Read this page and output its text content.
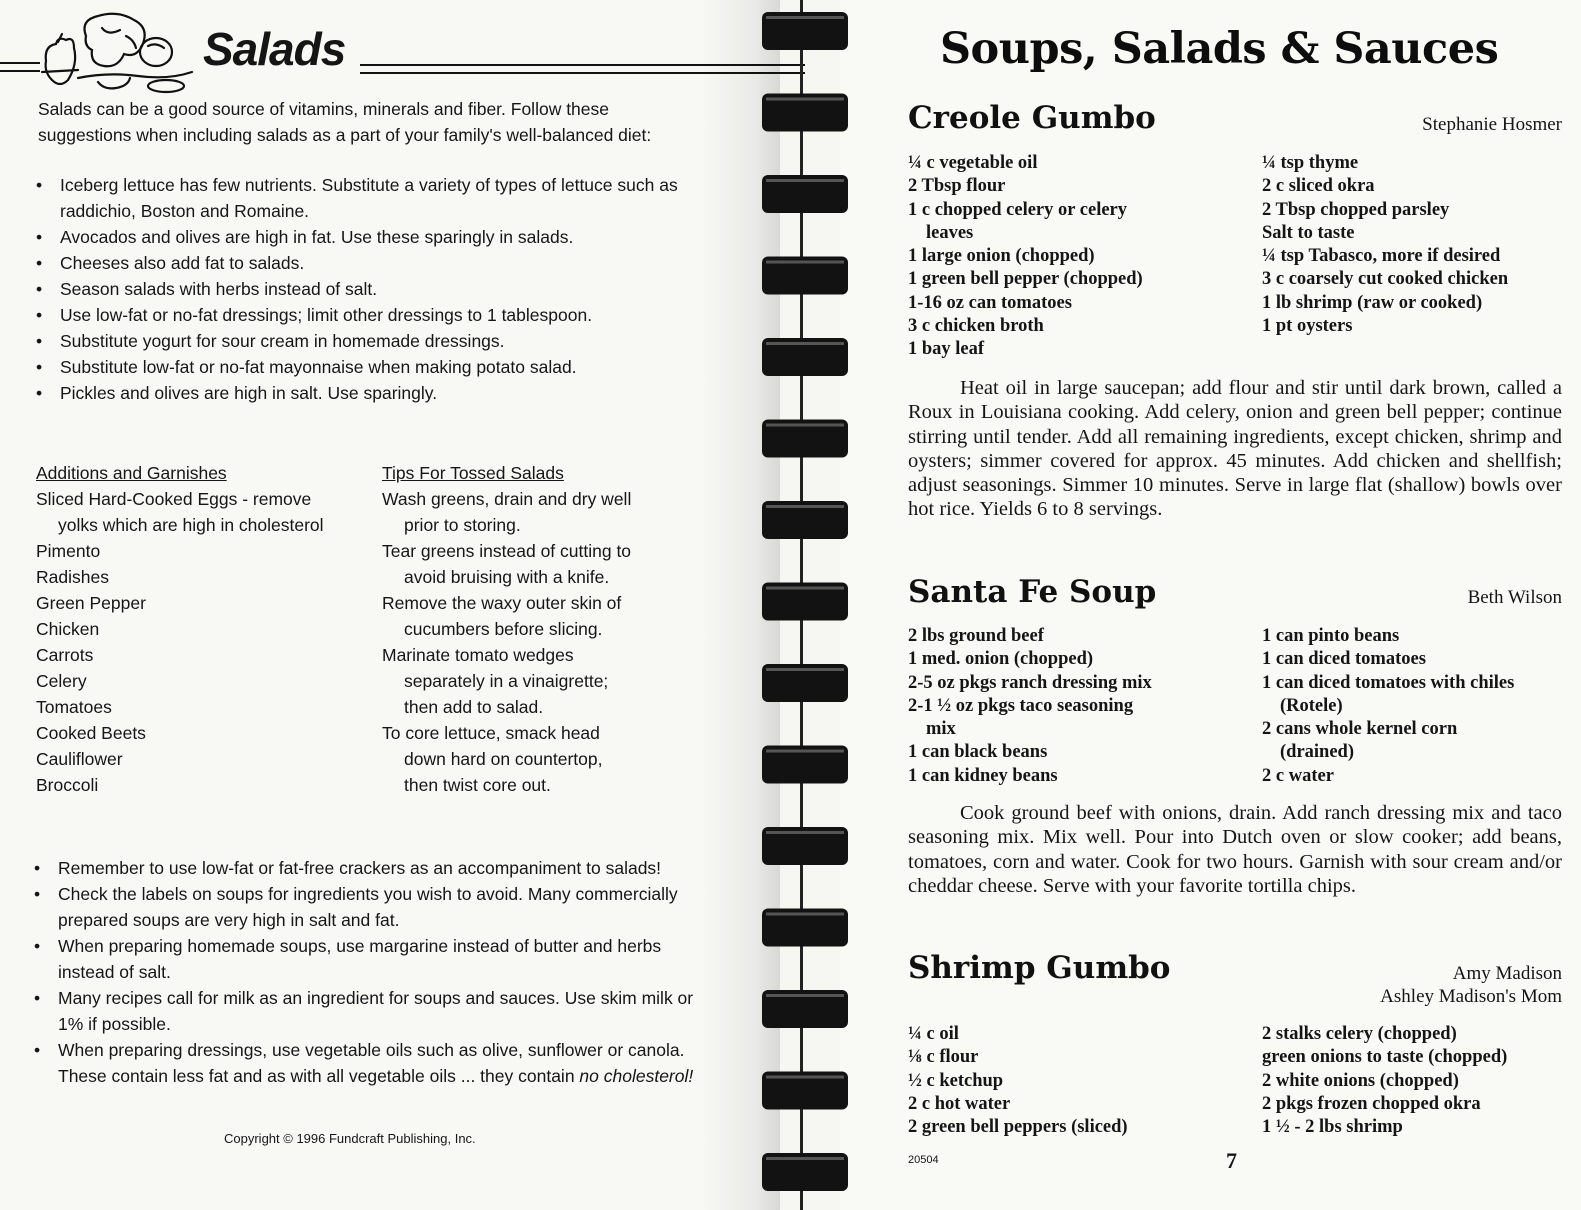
Salads
Salads can be a good source of vitamins, minerals and fiber. Follow these suggestions when including salads as a part of your family's well-balanced diet:
• Iceberg lettuce has few nutrients. Substitute a variety of types of lettuce such as raddichio, Boston and Romaine.
• Avocados and olives are high in fat. Use these sparingly in salads.
• Cheeses also add fat to salads.
• Season salads with herbs instead of salt.
• Use low-fat or no-fat dressings; limit other dressings to 1 tablespoon.
• Substitute yogurt for sour cream in homemade dressings.
• Substitute low-fat or no-fat mayonnaise when making potato salad.
• Pickles and olives are high in salt. Use sparingly.
Additions and Garnishes
Sliced Hard-Cooked Eggs - remove
yolks which are high in cholesterol
Pimento
Radishes
Green Pepper
Chicken
Carrots
Celery
Tomatoes
Cooked Beets
Cauliflower
Broccoli
Tips For Tossed Salads
Wash greens, drain and dry well
prior to storing.
Tear greens instead of cutting to
avoid bruising with a knife.
Remove the waxy outer skin of
cucumbers before slicing.
Marinate tomato wedges
separately in a vinaigrette;
then add to salad.
To core lettuce, smack head
down hard on countertop,
then twist core out.
• Remember to use low-fat or fat-free crackers as an accompaniment to salads!
• Check the labels on soups for ingredients you wish to avoid. Many commercially prepared soups are very high in salt and fat.
• When preparing homemade soups, use margarine instead of butter and herbs instead of salt.
• Many recipes call for milk as an ingredient for soups and sauces. Use skim milk or 1% if possible.
• When preparing dressings, use vegetable oils such as olive, sunflower or canola. These contain less fat and as with all vegetable oils ... they contain no cholesterol!
Copyright © 1996 Fundcraft Publishing, Inc.
Soups, Salads & Sauces
Creole Gumbo	Stephanie Hosmer
¼ c vegetable oil
2 Tbsp flour
1 c chopped celery or celery
leaves
1 large onion (chopped)
1 green bell pepper (chopped)
1-16 oz can tomatoes
3 c chicken broth
1 bay leaf
¼ tsp thyme
2 c sliced okra
2 Tbsp chopped parsley
Salt to taste
¼ tsp Tabasco, more if desired
3 c coarsely cut cooked chicken
1 lb shrimp (raw or cooked)
1 pt oysters
Heat oil in large saucepan; add flour and stir until dark brown, called a Roux in Louisiana cooking. Add celery, onion and green bell pepper; continue stirring until tender. Add all remaining ingredients, except chicken, shrimp and oysters; simmer covered for approx. 45 minutes. Add chicken and shellfish; adjust seasonings. Simmer 10 minutes. Serve in large flat (shallow) bowls over hot rice. Yields 6 to 8 servings.
Santa Fe Soup	Beth Wilson
2 lbs ground beef
1 med. onion (chopped)
2-5 oz pkgs ranch dressing mix
2-1 ½ oz pkgs taco seasoning
mix
1 can black beans
1 can kidney beans
1 can pinto beans
1 can diced tomatoes
1 can diced tomatoes with chiles
(Rotele)
2 cans whole kernel corn
(drained)
2 c water
Cook ground beef with onions, drain. Add ranch dressing mix and taco seasoning mix. Mix well. Pour into Dutch oven or slow cooker; add beans, tomatoes, corn and water. Cook for two hours. Garnish with sour cream and/or cheddar cheese. Serve with your favorite tortilla chips.
Shrimp Gumbo	Amy Madison
Ashley Madison's Mom
¼ c oil
⅛ c flour
½ c ketchup
2 c hot water
2 green bell peppers (sliced)
2 stalks celery (chopped)
green onions to taste (chopped)
2 white onions (chopped)
2 pkgs frozen chopped okra
1 ½ - 2 lbs shrimp
20504	7
